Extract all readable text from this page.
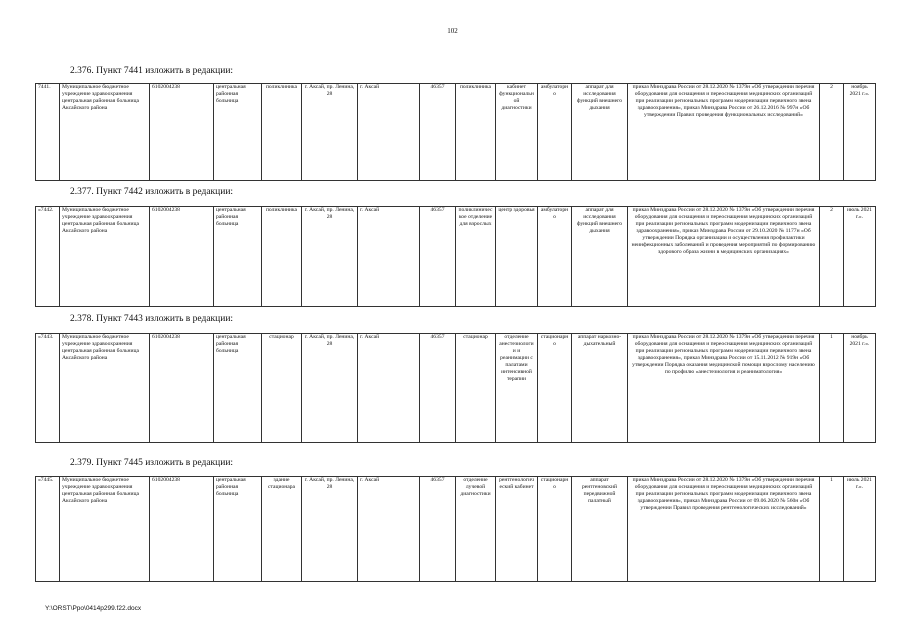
102
2.376. Пункт 7441 изложить в редакции:
7441.	Муниципальное бюджетное учреждение здравоохранения центральная районная больница Аксайского района	6102004238	центральная районная больница	поликлиника	г. Аксай, пр. Ленина, 28	г. Аксай	46357	поликлиника	кабинет функциональной диагностики	амбулаторно	аппарат для исследования функций внешнего дыхания	приказ Минздрава России от 28.12.2020 № 1379н «Об утверждении перечня оборудования для оснащения и переоснащения медицинских организаций при реализации региональных программ модернизации первичного звена здравоохранения», приказ Минздрава России от 26.12.2016 № 997н «Об утверждении Правил проведения функциональных исследований»	2	ноябрь 2021 г.».
2.377. Пункт 7442 изложить в редакции:
«7442.	Муниципальное бюджетное учреждение здравоохранения центральная районная больница Аксайского района	6102004238	центральная районная больница	поликлиника	г. Аксай, пр. Ленина, 28	г. Аксай	46357	поликлиническое отделение для взрослых	центр здоровья	амбулаторно	аппарат для исследования функций внешнего дыхания	приказ Минздрава России от 28.12.2020 № 1379н «Об утверждении перечня оборудования для оснащения и переоснащения медицинских организаций при реализации региональных программ модернизации первичного звена здравоохранения», приказ Минздрава России от 29.10.2020 № 1177н «Об утверждении Порядка организации и осуществления профилактики неинфекционных заболеваний и проведения мероприятий по формированию здорового образа жизни в медицинских организациях»	2	июль 2021 г.».
2.378. Пункт 7443 изложить в редакции:
«7443.	Муниципальное бюджетное учреждение здравоохранения центральная районная больница Аксайского района	6102004238	центральная районная больница	стационар	г. Аксай, пр. Ленина, 28	г. Аксай	46357	стационар	отделение анестезиологии и реанимации с палатами интенсивной терапии	стационарно	аппарат наркозно-дыхательный	приказ Минздрава России от 28.12.2020 № 1379н «Об утверждении перечня оборудования для оснащения и переоснащения медицинских организаций при реализации региональных программ модернизации первичного звена здравоохранения», приказ Минздрава России от 15.11.2012 № 919н «Об утверждении Порядка оказания медицинской помощи взрослому населению по профилю «анестезиология и реаниматология»	1	ноябрь 2021 г.».
2.379. Пункт 7445 изложить в редакции:
«7445.	Муниципальное бюджетное учреждение здравоохранения центральная районная больница Аксайского района	6102004238	центральная районная больница	здание стационара	г. Аксай, пр. Ленина, 28	г. Аксай	46357	отделение лучевой диагностики	рентгенологический кабинет	стационарно	аппарат рентгеновский передвижной палатный	приказ Минздрава России от 28.12.2020 № 1379н «Об утверждении перечня оборудования для оснащения и переоснащения медицинских организаций при реализации региональных программ модернизации первичного звена здравоохранения», приказ Минздрава России от 09.06.2020 № 560н «Об утверждении Правил проведения рентгенологических исследований»	1	июль 2021 г.».
Y:\ORST\Ppo\0414p299.f22.docx
